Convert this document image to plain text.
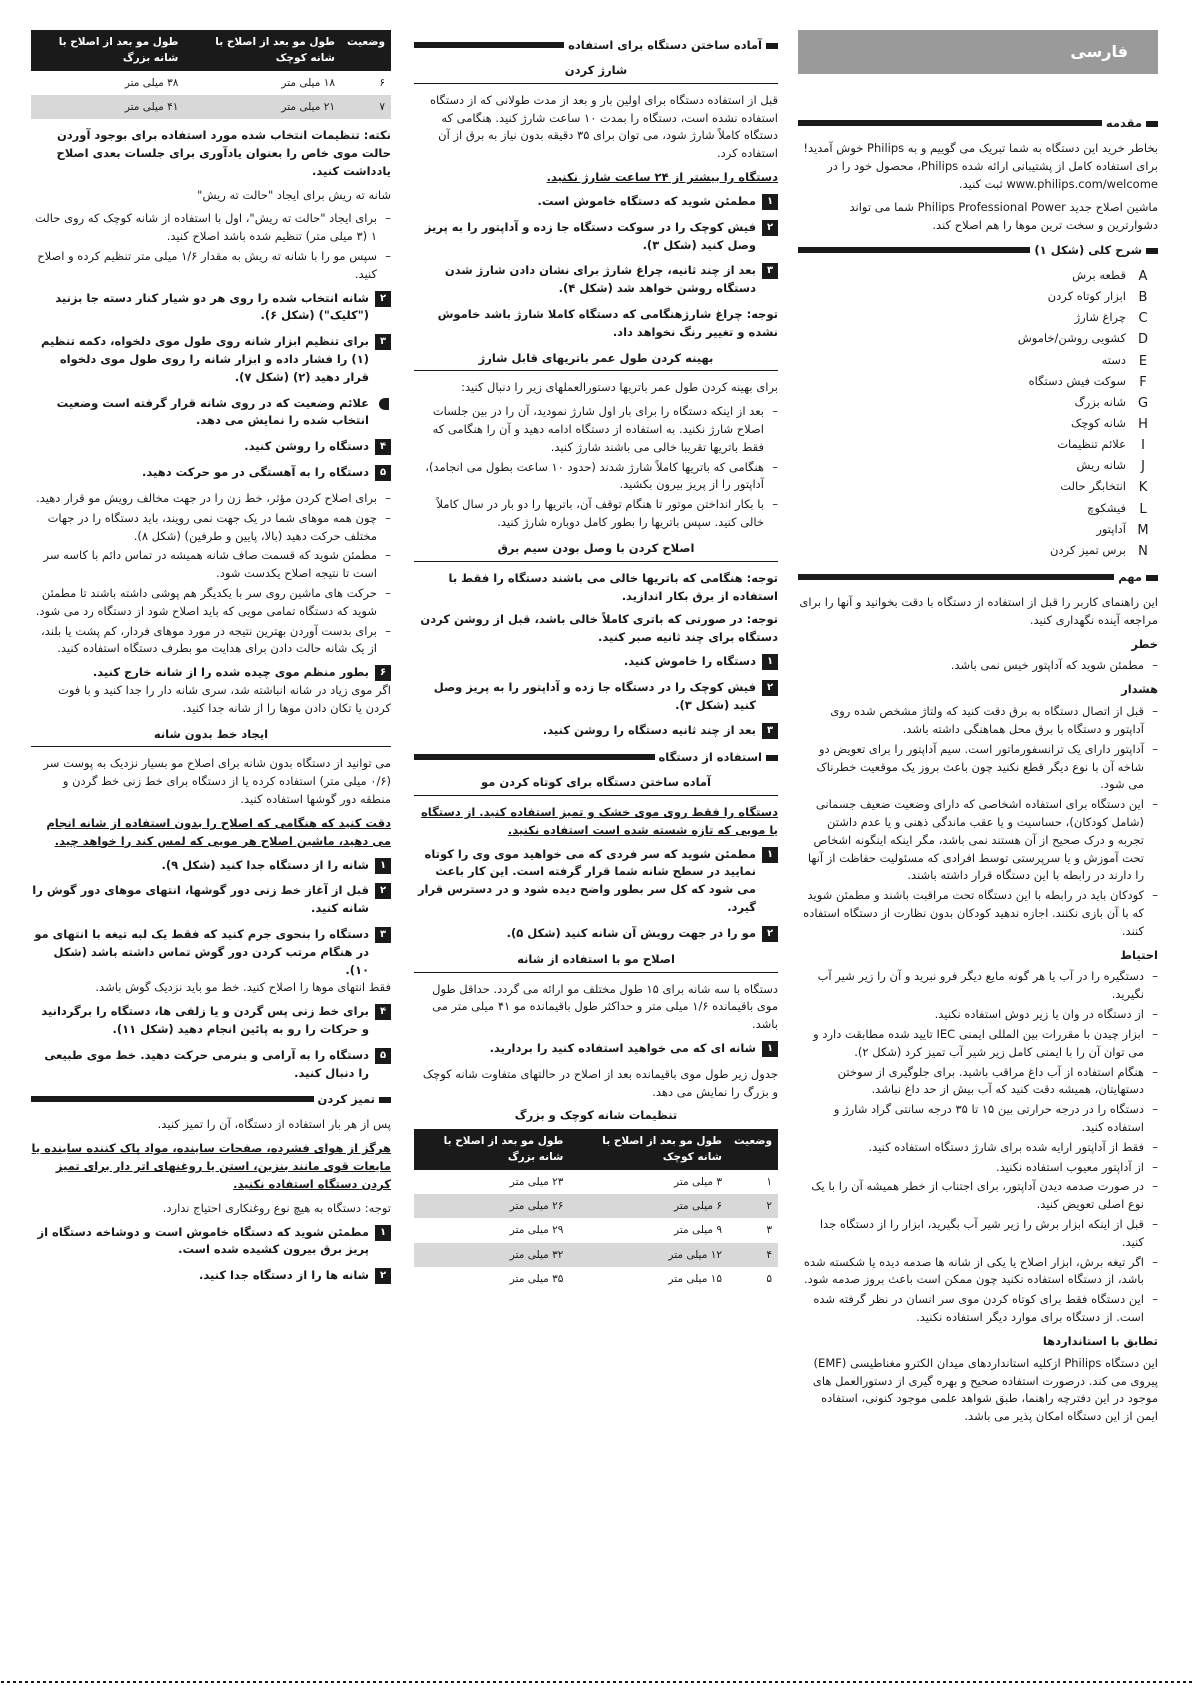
فارسی
مقدمه

بخاطر خرید این دستگاه به شما تبریک می گوییم و به Philips خوش آمدید! برای استفاده کامل از پشتیبانی ارائه شده Philips، محصول خود را در www.philips.com/welcome ثبت کنید.

ماشین اصلاح جدید Philips Professional Power شما می تواند دشوارترین و سخت ترین موها را هم اصلاح کند.

شرح کلی (شکل ۱)
A
قطعه برش
B
ابزار کوتاه کردن
C
چراغ شارژ
D
کشویی روشن/خاموش
E
دسته
F
سوکت فیش دستگاه
G
شانه بزرگ
H
شانه کوچک
I
علائم تنظیمات
J
شانه ریش
K
انتخابگر حالت
L
فیشکوچ
M
آداپتور
N
برس تمیز کردن
مهم

این راهنمای کاربر را قبل از استفاده از دستگاه با دقت بخوانید و آنها را برای مراجعه آینده نگهداری کنید.

خطر
– مطمئن شوید که آداپتور خیس نمی باشد.
هشدار
– قبل از اتصال دستگاه به برق دقت کنید که ولتاژ مشخص شده روی آداپتور و دستگاه با برق محل هماهنگی داشته باشد.
– آداپتور دارای یک ترانسفورماتور است. سیم آداپتور را برای تعویض دو شاخه آن با نوع دیگر قطع نکنید چون باعث بروز یک موقعیت خطرناک می شود.
– این دستگاه برای استفاده اشخاصی که دارای وضعیت ضعیف جسمانی (شامل کودکان)، حساسیت و یا عقب ماندگی ذهنی و یا عدم داشتن تجربه و درک صحیح از آن هستند نمی باشد، مگر اینکه اینگونه اشخاص تحت آموزش و یا سرپرستی توسط افرادی که مسئولیت حفاظت از آنها را دارند در رابطه با این دستگاه قرار داشته باشند.
– کودکان باید در رابطه با این دستگاه تحت مراقبت باشند و مطمئن شوید که با آن بازی نکنند. اجازه ندهید کودکان بدون نظارت از دستگاه استفاده کنند.
احتیاط
– دستگیره را در آب یا هر گونه مایع دیگر فرو نبرید و آن را زیر شیر آب نگیرید.
– از دستگاه در وان یا زیر دوش استفاده نکنید.
– ابزار چیدن با مقررات بین المللی ایمنی IEC تایید شده مطابقت دارد و می توان آن را با ایمنی کامل زیر شیر آب تمیز کرد (شکل ۲).
– هنگام استفاده از آب داغ مراقب باشید. برای جلوگیری از سوختن دستهایتان، همیشه دقت کنید که آب بیش از حد داغ نباشد.
– دستگاه را در درجه حرارتی بین ۱۵ تا ۳۵ درجه سانتی گراد شارژ و استفاده کنید.
– فقط از آداپتور ارایه شده برای شارژ دستگاه استفاده کنید.
– از آداپتور معیوب استفاده نکنید.
– در صورت صدمه دیدن آداپتور، برای اجتناب از خطر همیشه آن را با یک نوع اصلی تعویض کنید.
– قبل از اینکه ابزار برش را زیر شیر آب بگیرید، ابزار را از دستگاه جدا کنید.
– اگر تیغه برش، ابزار اصلاح یا یکی از شانه ها صدمه دیده یا شکسته شده باشد، از دستگاه استفاده نکنید چون ممکن است باعث بروز صدمه شود.
– این دستگاه فقط برای کوتاه کردن موی سر انسان در نظر گرفته شده است. از دستگاه برای موارد دیگر استفاده نکنید.
تطابق با استانداردها

این دستگاه Philips ازکلیه استانداردهای میدان الکترو مغناطیسی (EMF) پیروی می کند. درصورت استفاده صحیح و بهره گیری از دستورالعمل های موجود در این دفترچه راهنما، طبق شواهد علمی موجود کنونی، استفاده ایمن از این دستگاه امکان پذیر می باشد.

آماده ساختن دستگاه برای استفاده
شارژ کردن

قبل از استفاده دستگاه برای اولین بار و بعد از مدت طولانی که از دستگاه استفاده نشده است، دستگاه را بمدت ۱۰ ساعت شارژ کنید. هنگامی که دستگاه کاملاً شارژ شود، می توان برای ۳۵ دقیقه بدون نیاز به برق از آن استفاده کرد.

دستگاه را بیشتر از ۲۴ ساعت شارژ نکنید.

۱
مطمئن شوید که دستگاه خاموش است.
۲
فیش کوچک را در سوکت دستگاه جا زده و آداپتور را به پریز وصل کنید (شکل ۳).
۳
بعد از چند ثانیه، چراغ شارژ برای نشان دادن شارژ شدن دستگاه روشن خواهد شد (شکل ۴).

توجه: چراغ شارژهنگامی که دستگاه کاملا شارژ باشد خاموش نشده و تغییر رنگ نخواهد داد.

بهینه کردن طول عمر باتریهای قابل شارژ

برای بهینه کردن طول عمر باتریها دستورالعملهای زیر را دنبال کنید:

– بعد از اینکه دستگاه را برای بار اول شارژ نمودید، آن را در بین جلسات اصلاح شارژ نکنید. به استفاده از دستگاه ادامه دهید و آن را هنگامی که فقط باتریها تقریبا خالی می باشند شارژ کنید.
– هنگامی که باتریها کاملاً شارژ شدند (حدود ۱۰ ساعت بطول می انجامد)، آداپتور را از پریز بیرون بکشید.
– با بکار انداختن موتور تا هنگام توقف آن، باتریها را دو بار در سال کاملاً خالی کنید. سپس باتریها را بطور کامل دوباره شارژ کنید.
اصلاح کردن با وصل بودن سیم برق

توجه: هنگامی که باتریها خالی می باشند دستگاه را فقط با استفاده از برق بکار اندازید.

توجه: در صورتی که باتری کاملاً خالی باشد، قبل از روشن کردن دستگاه برای چند ثانیه صبر کنید.

۱
دستگاه را خاموش کنید.
۲
فیش کوچک را در دستگاه جا زده و آداپتور را به پریز وصل کنید (شکل ۳).
۳
بعد از چند ثانیه دستگاه را روشن کنید.
استفاده از دستگاه
آماده ساختن دستگاه برای کوتاه کردن مو

دستگاه را فقط روی موی خشک و تمیز استفاده کنید. از دستگاه یا مویی که تازه شسته شده است استفاده نکنید.

۱
مطمئن شوید که سر فردی که می خواهید موی وی را کوتاه نمایید در سطح شانه شما قرار گرفته است. این کار باعث می شود که کل سر بطور واضح دیده شود و در دسترس قرار گیرد.
۲
مو را در جهت رویش آن شانه کنید (شکل ۵).
اصلاح مو با استفاده از شانه

دستگاه با سه شانه برای ۱۵ طول مختلف مو ارائه می گردد. حداقل طول موی باقیمانده ۱/۶ میلی متر و حداکثر طول باقیمانده مو ۴۱ میلی متر می باشد.

۱
شانه ای که می خواهید استفاده کنید را بردارید.

جدول زیر طول موی باقیمانده بعد از اصلاح در حالتهای متفاوت شانه کوچک و بزرگ را نمایش می دهد.

تنظیمات شانه کوچک و بزرگ
وضعیت	طول مو بعد از اصلاح با شانه کوچک	طول مو بعد از اصلاح با شانه بزرگ
۱	۳ میلی متر	۲۳ میلی متر
۲	۶ میلی متر	۲۶ میلی متر
۳	۹ میلی متر	۲۹ میلی متر
۴	۱۲ میلی متر	۳۲ میلی متر
۵	۱۵ میلی متر	۳۵ میلی متر
وضعیت	طول مو بعد از اصلاح با شانه کوچک	طول مو بعد از اصلاح با شانه بزرگ
۶	۱۸ میلی متر	۳۸ میلی متر
۷	۲۱ میلی متر	۴۱ میلی متر

نکته: تنظیمات انتخاب شده مورد استفاده برای بوجود آوردن حالت موی خاص را بعنوان یادآوری برای جلسات بعدی اصلاح یادداشت کنید.

شانه ته ریش برای ایجاد "حالت ته ریش"

– برای ایجاد "حالت ته ریش"، اول با استفاده از شانه کوچک که روی حالت ۱ (۳ میلی متر) تنظیم شده باشد اصلاح کنید.
– سپس مو را با شانه ته ریش به مقدار ۱/۶ میلی متر تنظیم کرده و اصلاح کنید.
۲
شانه انتخاب شده را روی هر دو شیار کنار دسته جا بزنید ("کلیک") (شکل ۶).
۳
برای تنظیم ابزار شانه روی طول موی دلخواه، دکمه تنظیم (۱) را فشار داده و ابزار شانه را روی طول موی دلخواه قرار دهید (۲) (شکل ۷).
علائم وضعیت که در روی شانه قرار گرفته است وضعیت انتخاب شده را نمایش می دهد.
۴
دستگاه را روشن کنید.
۵
دستگاه را به آهستگی در مو حرکت دهید.
– برای اصلاح کردن مؤثر، خط زن را در جهت مخالف رویش مو قرار دهید.
– چون همه موهای شما در یک جهت نمی رویند، باید دستگاه را در جهات مختلف حرکت دهید (بالا، پایین و طرفین) (شکل ۸).
– مطمئن شوید که قسمت صاف شانه همیشه در تماس دائم با کاسه سر است تا نتیجه اصلاح یکدست شود.
– حرکت های ماشین روی سر با یکدیگر هم پوشی داشته باشند تا مطمئن شوید که دستگاه تمامی مویی که باید اصلاح شود از دستگاه رد می شود.
– برای بدست آوردن بهترین نتیجه در مورد موهای فردار، کم پشت یا بلند، از یک شانه حالت دادن برای هدایت مو بطرف دستگاه استفاده کنید.
۶
بطور منظم موی چیده شده را از شانه خارج کنید.

اگر موی زیاد در شانه انباشته شد، سری شانه دار را جدا کنید و با فوت کردن یا تکان دادن موها را از شانه جدا کنید.

ایجاد خط بدون شانه

می توانید از دستگاه بدون شانه برای اصلاح مو بسیار نزدیک به پوست سر (۰/۶ میلی متر) استفاده کرده یا از دستگاه برای خط زنی خط گردن و منطقه دور گوشها استفاده کنید.

دقت کنید که هنگامی که اصلاح را بدون استفاده از شانه انجام می دهید، ماشین اصلاح هر مویی که لمس کند را خواهد چید.

۱
شانه را از دستگاه جدا کنید (شکل ۹).
۲
قبل از آغاز خط زنی دور گوشها، انتهای موهای دور گوش را شانه کنید.
۳
دستگاه را بنحوی جرم کنید که فقط یک لبه تیغه با انتهای مو در هنگام مرتب کردن دور گوش تماس داشته باشد (شکل ۱۰).

فقط انتهای موها را اصلاح کنید. خط مو باید نزدیک گوش باشد.

۴
برای خط زنی پس گردن و یا زلفی ها، دستگاه را برگردانید و حرکات را رو به پائین انجام دهید (شکل ۱۱).
۵
دستگاه را به آرامی و بنرمی حرکت دهید. خط موی طبیعی را دنبال کنید.
تمیز کردن

پس از هر بار استفاده از دستگاه، آن را تمیز کنید.

هرگز از هوای فشرده، صفحات ساینده، مواد پاک کننده ساینده یا مایعات قوی مانند بنزین، استن یا روغنهای اتر دار برای تمیز کردن دستگاه استفاده نکنید.

توجه: دستگاه به هیچ نوع روغنکاری احتیاج ندارد.

۱
مطمئن شوید که دستگاه خاموش است و دوشاخه دستگاه از پریز برق بیرون کشیده شده است.
۲
شانه ها را از دستگاه جدا کنید.
